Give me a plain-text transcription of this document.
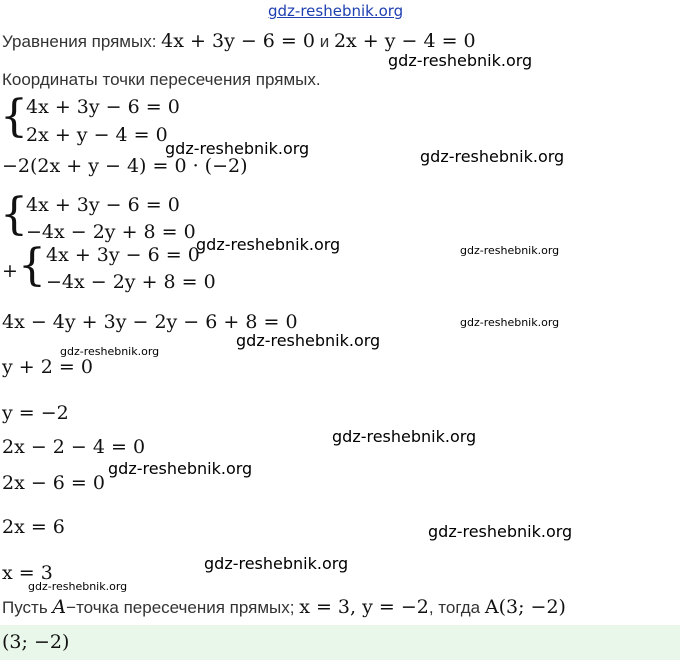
gdz-reshebnik.org
Уравнения прямых: 4x + 3y − 6 = 0 и 2x + y − 4 = 0
gdz-reshebnik.org
Координаты точки пересечения прямых.
{
4x + 3y − 6 = 0
2x + y − 4 = 0
gdz-reshebnik.org
−2(2x + y − 4) = 0 · (−2)	gdz-reshebnik.org
{
4x + 3y − 6 = 0
−4x − 2y + 8 = 0
gdz-reshebnik.org	gdz-reshebnik.org
+ { 4x + 3y − 6 = 0
−4x − 2y + 8 = 0
4x − 4y + 3y − 2y − 6 + 8 = 0	gdz-reshebnik.org
gdz-reshebnik.org
gdz-reshebnik.org
y + 2 = 0
y = −2
gdz-reshebnik.org
2x − 2 − 4 = 0
gdz-reshebnik.org
2x − 6 = 0
2x = 6	gdz-reshebnik.org
gdz-reshebnik.org
x = 3
gdz-reshebnik.org
Пусть A−точка пересечения прямых; x = 3, y = −2, тогда A(3; −2)
(3; −2)
